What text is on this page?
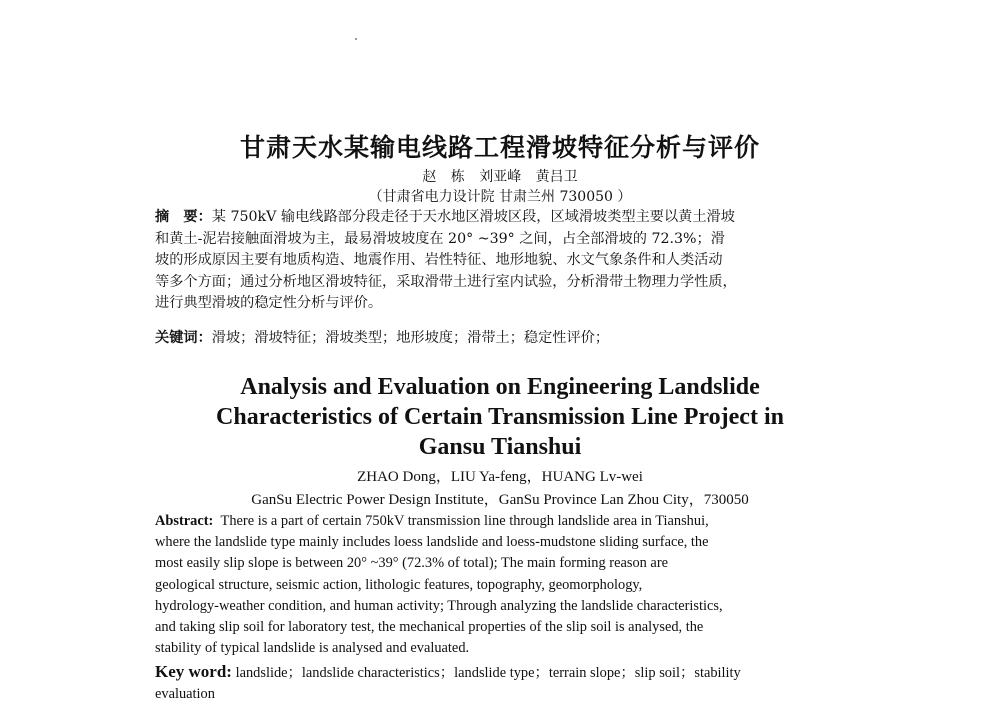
甘肃天水某输电线路工程滑坡特征分析与评价
赵 栋 刘亚峰 黄吕卫
（甘肃省电力设计院 甘肃兰州 730050 ）
摘　要：某 750kV 输电线路部分段走径于天水地区滑坡区段，区域滑坡类型主要以黄土滑坡
和黄土-泥岩接触面滑坡为主，最易滑坡坡度在 20° ~39° 之间，占全部滑坡的 72.3%；滑
坡的形成原因主要有地质构造、地震作用、岩性特征、地形地貌、水文气象条件和人类活动
等多个方面；通过分析地区滑坡特征，采取滑带土进行室内试验，分析滑带土物理力学性质，
进行典型滑坡的稳定性分析与评价。
关键词：滑坡；滑坡特征；滑坡类型；地形坡度；滑带土；稳定性评价；
Analysis and Evaluation on Engineering Landslide
Characteristics of Certain Transmission Line Project in
Gansu Tianshui
ZHAO Dong，LIU Ya-feng，HUANG Lv-wei
GanSu Electric Power Design Institute，GanSu Province Lan Zhou City，730050
Abstract: There is a part of certain 750kV transmission line through landslide area in Tianshui,
where the landslide type mainly includes loess landslide and loess-mudstone sliding surface, the
most easily slip slope is between 20° ~39° (72.3% of total); The main forming reason are
geological structure, seismic action, lithologic features, topography, geomorphology,
hydrology-weather condition, and human activity; Through analyzing the landslide characteristics,
and taking slip soil for laboratory test, the mechanical properties of the slip soil is analysed, the
stability of typical landslide is analysed and evaluated.
Key word: landslide；landslide characteristics；landslide type；terrain slope；slip soil；stability
evaluation
